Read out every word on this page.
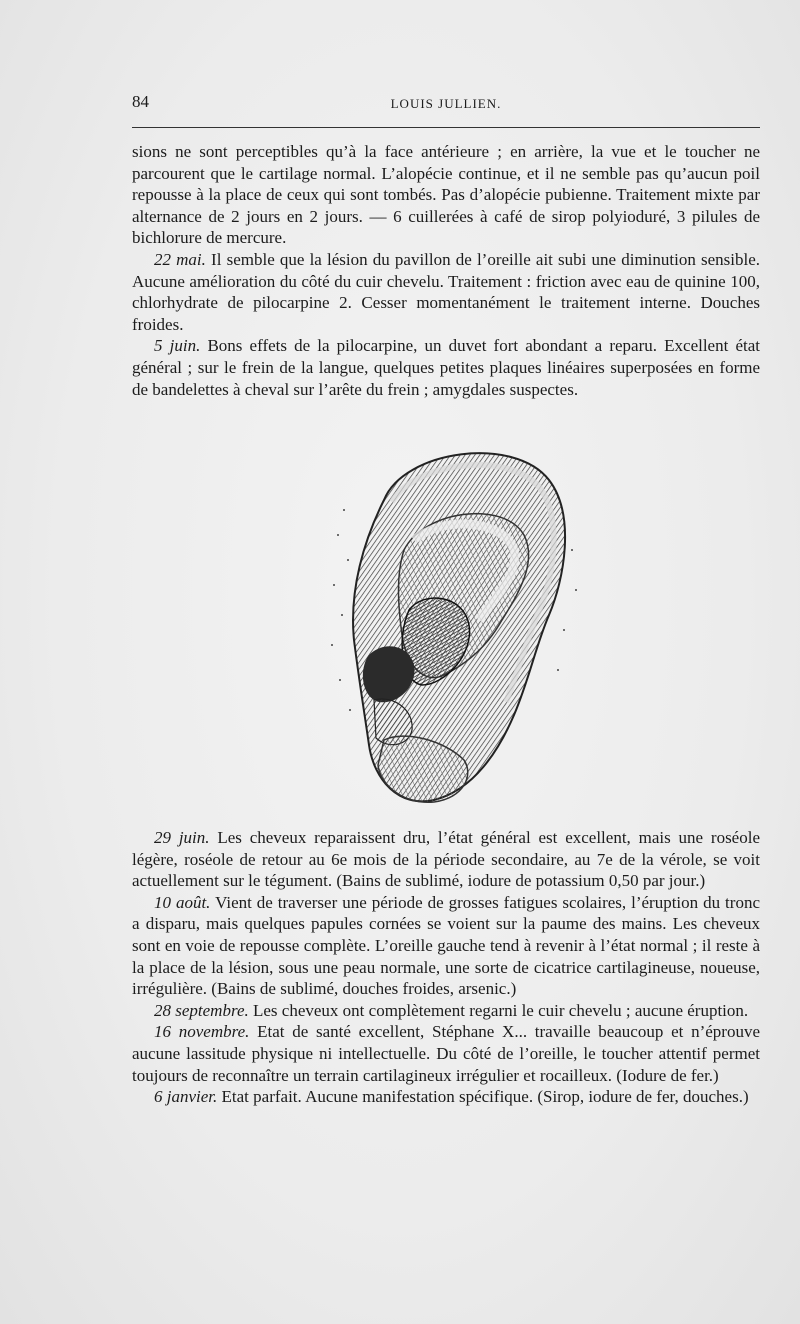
84	LOUIS JULLIEN.

sions ne sont perceptibles qu’à la face antérieure ; en arrière, la vue et le toucher ne parcourent que le cartilage normal. L’alopécie continue, et il ne semble pas qu’aucun poil repousse à la place de ceux qui sont tombés. Pas d’alopécie pubienne. Traitement mixte par alternance de 2 jours en 2 jours. — 6 cuillerées à café de sirop polyioduré, 3 pilules de bichlorure de mercure.

22 mai. Il semble que la lésion du pavillon de l’oreille ait subi une diminution sensible. Aucune amélioration du côté du cuir chevelu. Traitement : friction avec eau de quinine 100, chlorhydrate de pilocarpine 2. Cesser momentanément le traitement interne. Douches froides.

5 juin. Bons effets de la pilocarpine, un duvet fort abondant a reparu. Excellent état général ; sur le frein de la langue, quelques petites plaques linéaires superposées en forme de bandelettes à cheval sur l’arête du frein ; amygdales suspectes.

29 juin. Les cheveux reparaissent dru, l’état général est excellent, mais une roséole légère, roséole de retour au 6e mois de la période secondaire, au 7e de la vérole, se voit actuellement sur le tégument. (Bains de sublimé, iodure de potassium 0,50 par jour.)

10 août. Vient de traverser une période de grosses fatigues scolaires, l’éruption du tronc a disparu, mais quelques papules cornées se voient sur la paume des mains. Les cheveux sont en voie de repousse complète. L’oreille gauche tend à revenir à l’état normal ; il reste à la place de la lésion, sous une peau normale, une sorte de cicatrice cartilagineuse, noueuse, irrégulière. (Bains de sublimé, douches froides, arsenic.)

28 septembre. Les cheveux ont complètement regarni le cuir chevelu ; aucune éruption.

16 novembre. Etat de santé excellent, Stéphane X... travaille beaucoup et n’éprouve aucune lassitude physique ni intellectuelle. Du côté de l’oreille, le toucher attentif permet toujours de reconnaître un terrain cartilagineux irrégulier et rocailleux. (Iodure de fer.)

6 janvier. Etat parfait. Aucune manifestation spécifique. (Sirop, iodure de fer, douches.)
